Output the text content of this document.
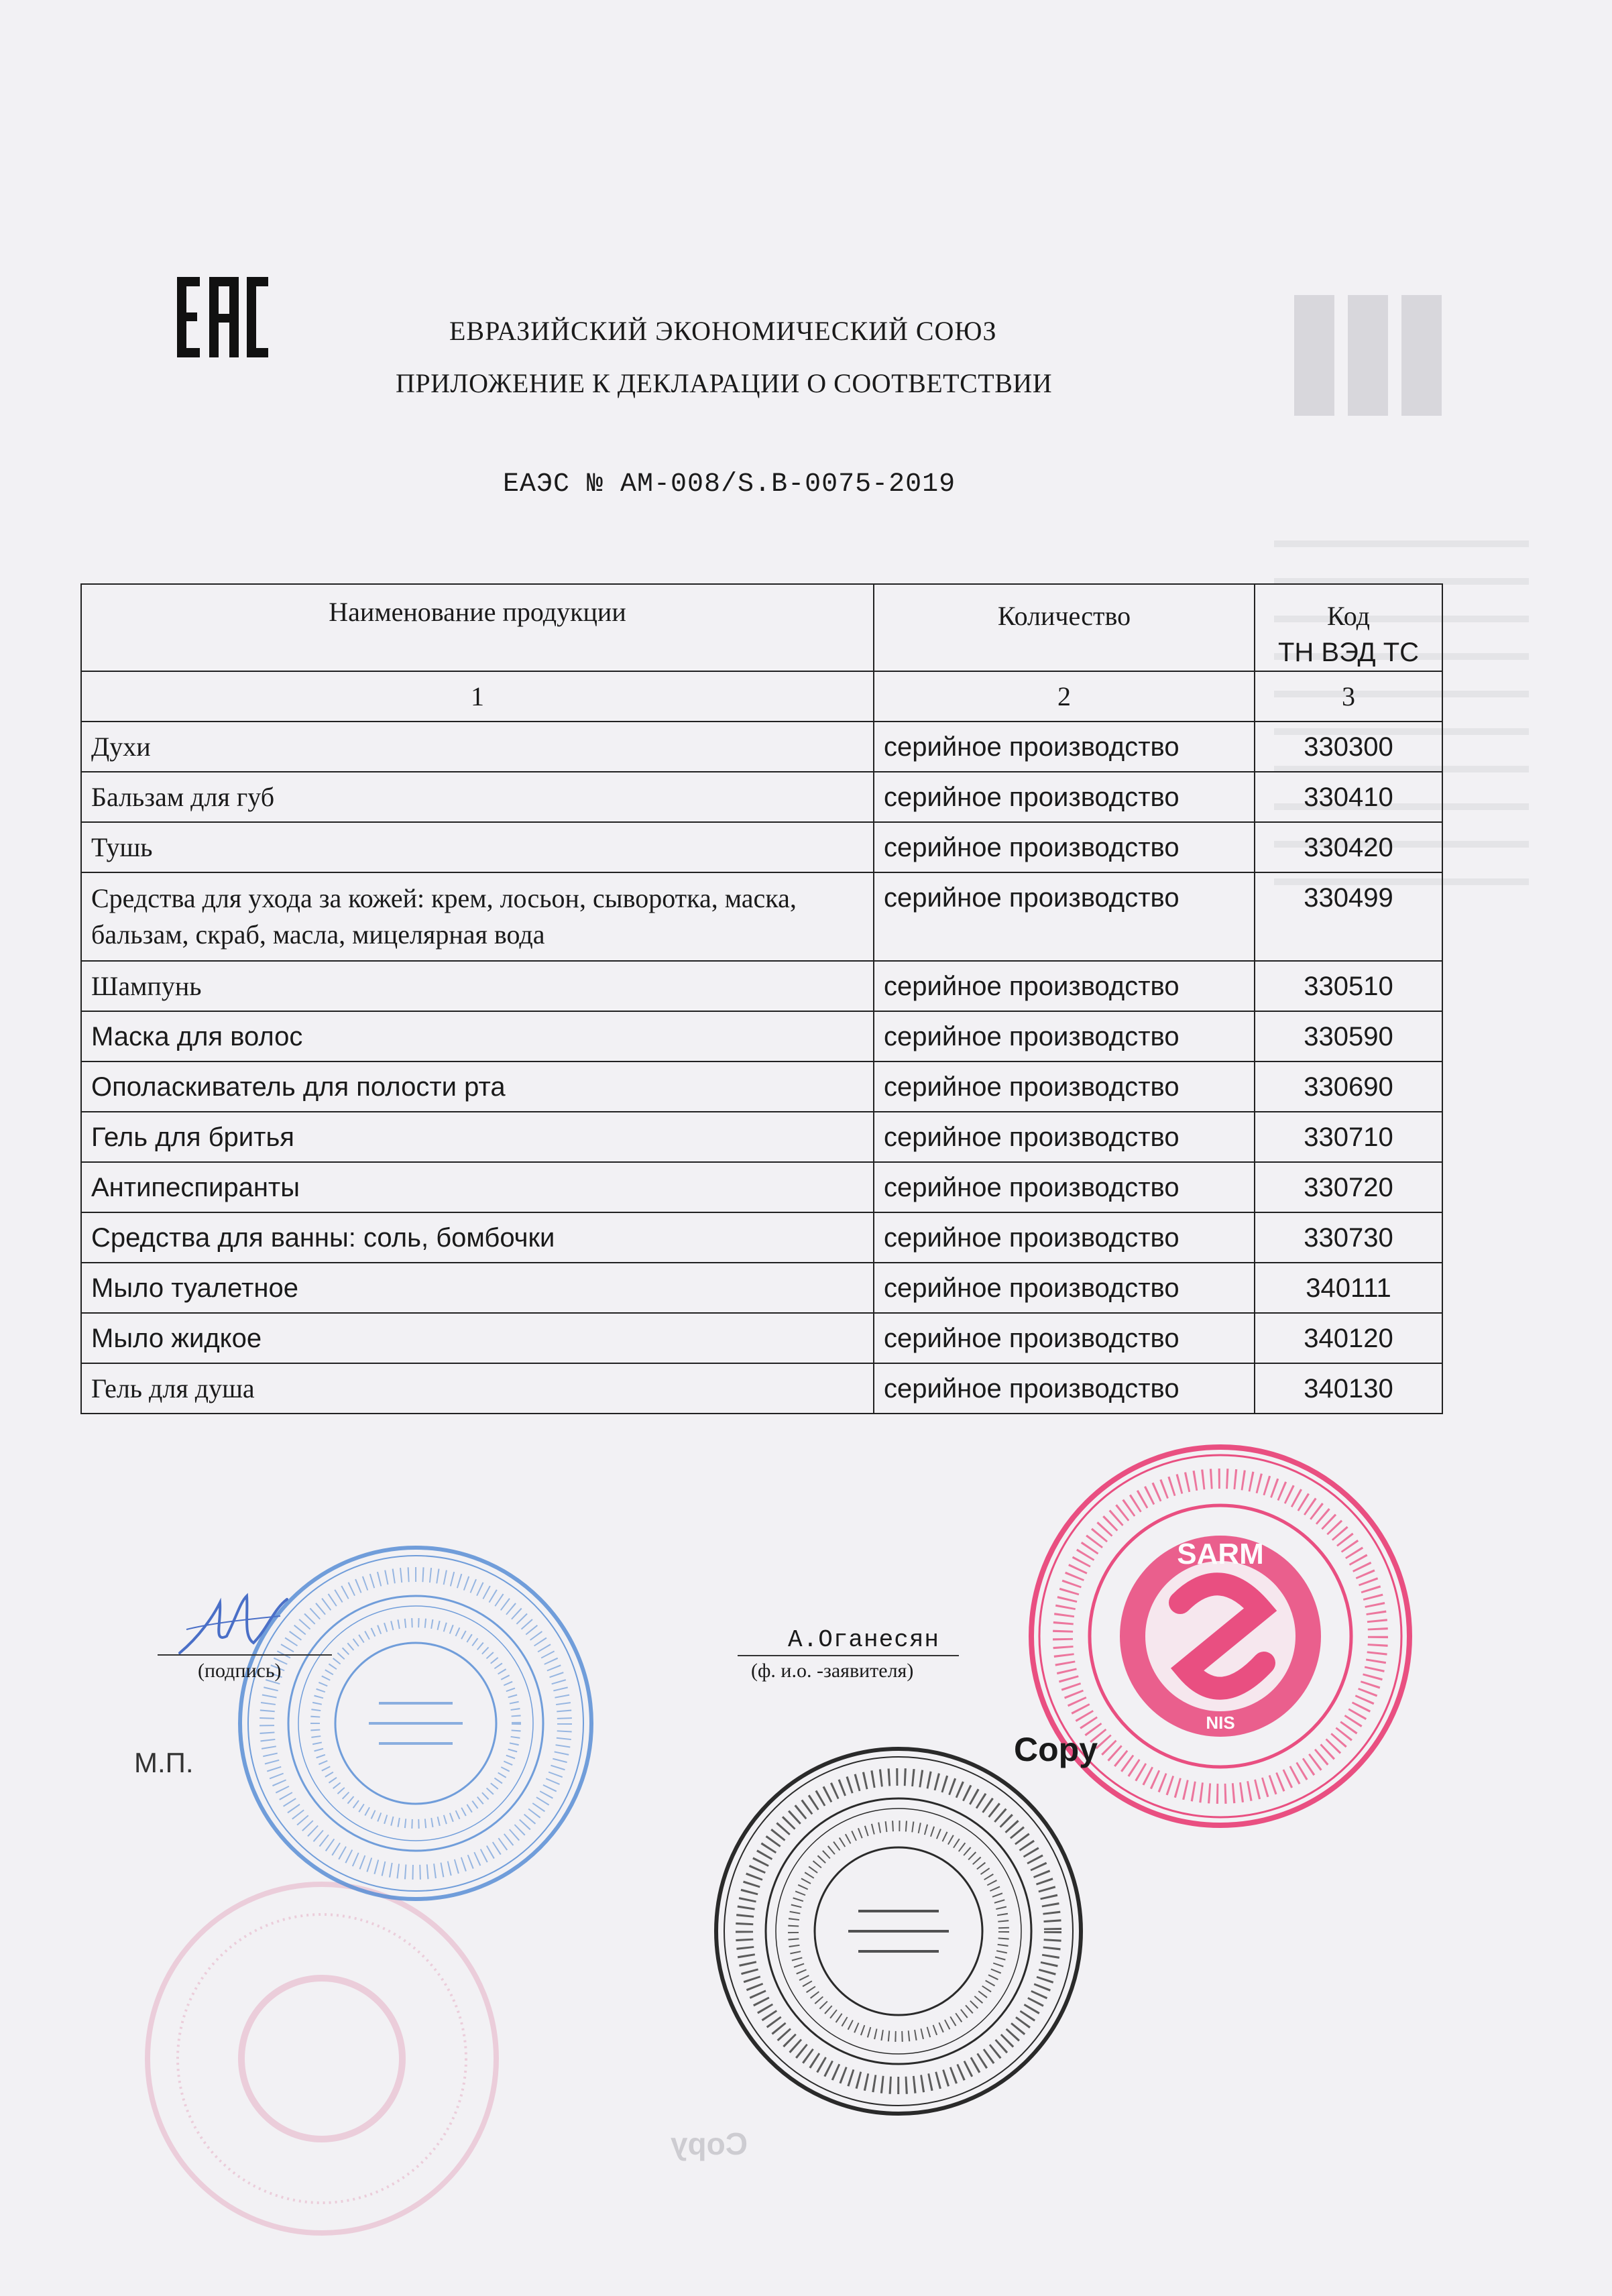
ЕВРАЗИЙСКИЙ ЭКОНОМИЧЕСКИЙ СОЮЗ
ПРИЛОЖЕНИЕ К ДЕКЛАРАЦИИ О СООТВЕТСТВИИ
ЕАЭС № АМ-008/S.B-0075-2019
Наименование продукции	Количество	Код
ТН ВЭД ТС

1	2	3
Духи	серийное производство	330300
Бальзам для губ	серийное производство	330410
Тушь	серийное производство	330420
Средства для ухода за кожей: крем, лосьон, сыворотка, маска, бальзам, скраб, масла, мицелярная вода	серийное производство	330499
Шампунь	серийное производство	330510
Маска для волос	серийное производство	330590
Ополаскиватель для полости рта	серийное производство	330690
Гель для бритья	серийное производство	330710
Антипеспиранты	серийное производство	330720
Средства для ванны: соль, бомбочки	серийное производство	330730
Мыло туалетное	серийное производство	340111
Мыло жидкое	серийное производство	340120
Гель для душа	серийное производство	340130
SARM
NIS
(подпись)
А.Оганесян
(ф. и.о. -заявителя)
М.П.	Copy
Copy
